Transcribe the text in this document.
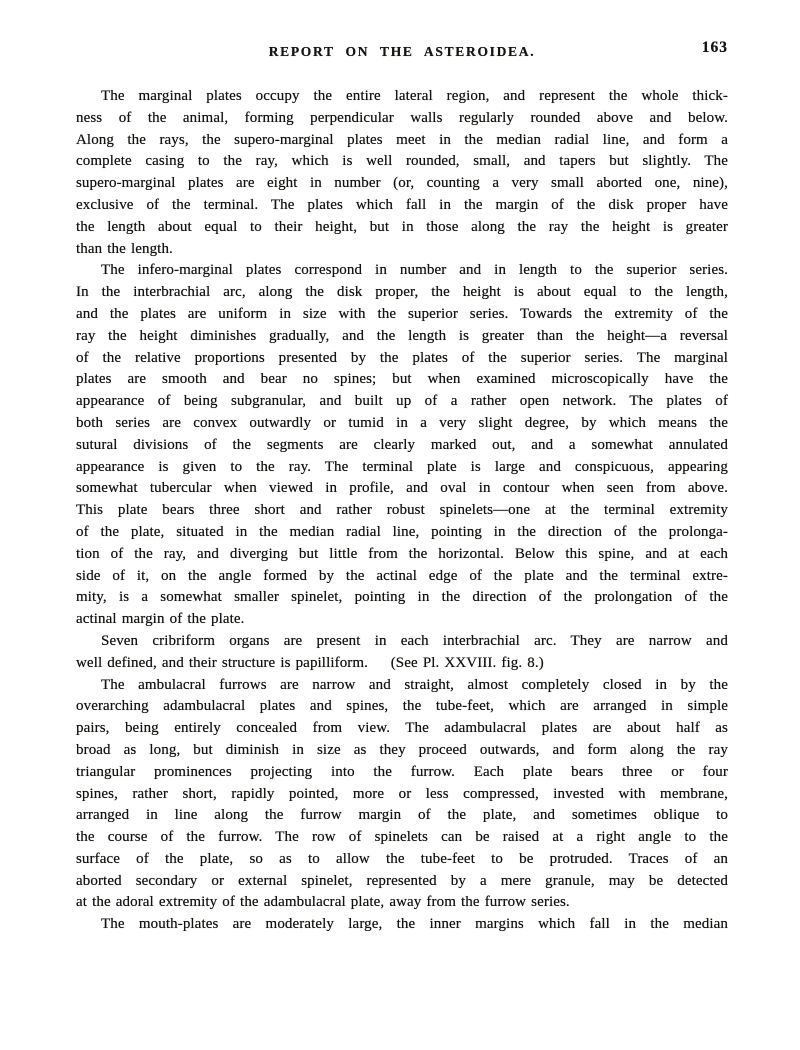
REPORT ON THE ASTEROIDEA.	163
The marginal plates occupy the entire lateral region, and represent the whole thick-
ness of the animal, forming perpendicular walls regularly rounded above and below.
Along the rays, the supero-marginal plates meet in the median radial line, and form a
complete casing to the ray, which is well rounded, small, and tapers but slightly. The
supero-marginal plates are eight in number (or, counting a very small aborted one, nine),
exclusive of the terminal. The plates which fall in the margin of the disk proper have
the length about equal to their height, but in those along the ray the height is greater
than the length.
The infero-marginal plates correspond in number and in length to the superior series.
In the interbrachial arc, along the disk proper, the height is about equal to the length,
and the plates are uniform in size with the superior series. Towards the extremity of the
ray the height diminishes gradually, and the length is greater than the height—a reversal
of the relative proportions presented by the plates of the superior series. The marginal
plates are smooth and bear no spines; but when examined microscopically have the
appearance of being subgranular, and built up of a rather open network. The plates of
both series are convex outwardly or tumid in a very slight degree, by which means the
sutural divisions of the segments are clearly marked out, and a somewhat annulated
appearance is given to the ray. The terminal plate is large and conspicuous, appearing
somewhat tubercular when viewed in profile, and oval in contour when seen from above.
This plate bears three short and rather robust spinelets—one at the terminal extremity
of the plate, situated in the median radial line, pointing in the direction of the prolonga-
tion of the ray, and diverging but little from the horizontal. Below this spine, and at each
side of it, on the angle formed by the actinal edge of the plate and the terminal extre-
mity, is a somewhat smaller spinelet, pointing in the direction of the prolongation of the
actinal margin of the plate.
Seven cribriform organs are present in each interbrachial arc. They are narrow and
well defined, and their structure is papilliform.  (See Pl. XXVIII. fig. 8.)
The ambulacral furrows are narrow and straight, almost completely closed in by the
overarching adambulacral plates and spines, the tube-feet, which are arranged in simple
pairs, being entirely concealed from view. The adambulacral plates are about half as
broad as long, but diminish in size as they proceed outwards, and form along the ray
triangular prominences projecting into the furrow. Each plate bears three or four
spines, rather short, rapidly pointed, more or less compressed, invested with membrane,
arranged in line along the furrow margin of the plate, and sometimes oblique to
the course of the furrow. The row of spinelets can be raised at a right angle to the
surface of the plate, so as to allow the tube-feet to be protruded. Traces of an
aborted secondary or external spinelet, represented by a mere granule, may be detected
at the adoral extremity of the adambulacral plate, away from the furrow series.
The mouth-plates are moderately large, the inner margins which fall in the median
